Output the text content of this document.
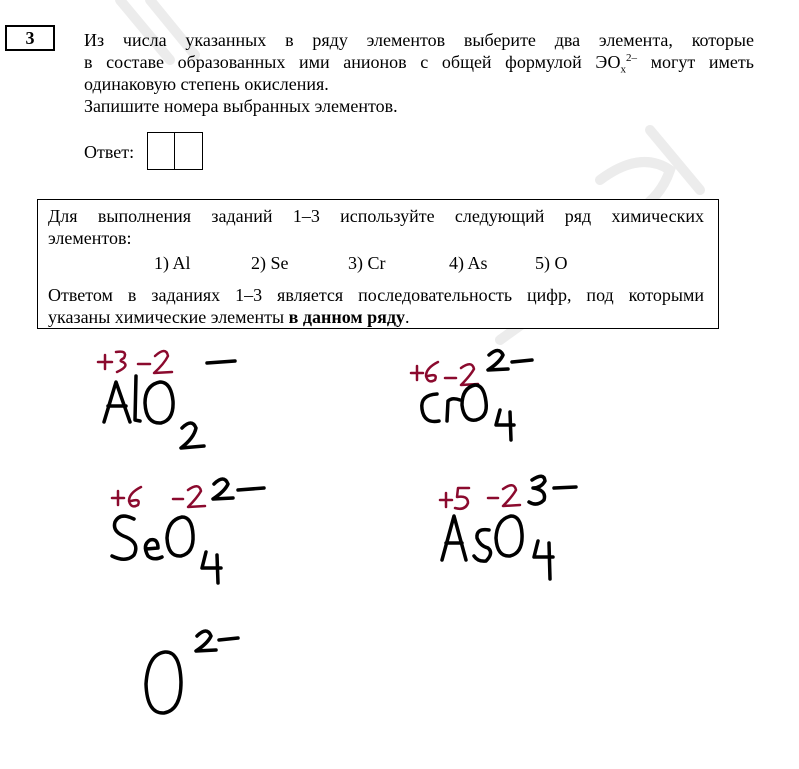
3	Из числа указанных в ряду элементов выберите два элемента, которые
в составе образованных ими анионов с общей формулой $ЭО_x^{2-}$ могут иметь
одинаковую степень окисления.
Запишите номера выбранных элементов.
Ответ:
Для выполнения заданий 1–3 используйте следующий ряд химических
элементов:
1) Al	2) Se	3) Cr	4) As	5) O
Ответом в заданиях 1–3 является последовательность цифр, под которыми
указаны химические элементы в данном ряду.
